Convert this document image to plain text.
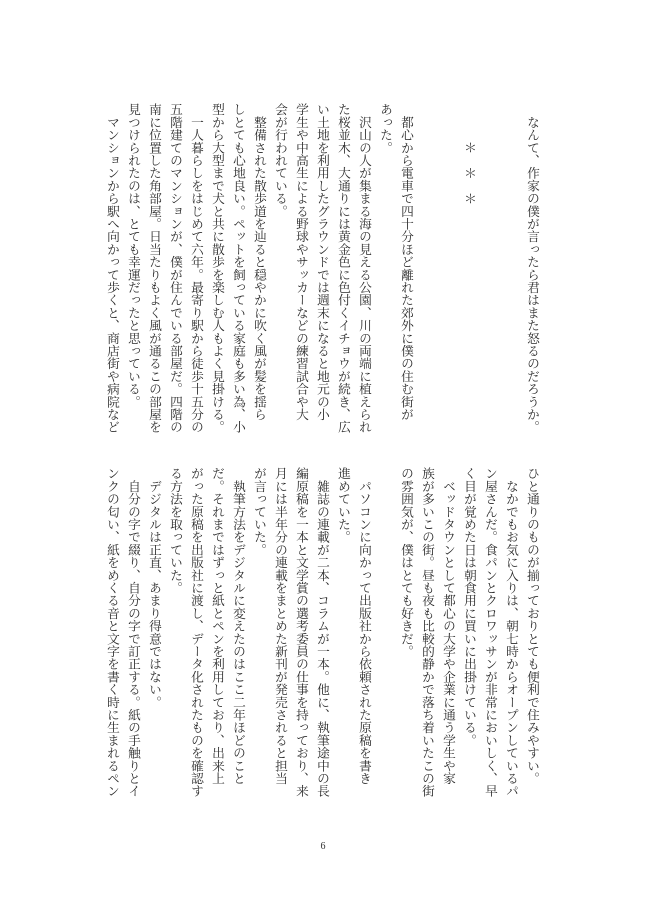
　なんて、作家の僕が言ったら君はまた怒るのだろうか。
　　　＊　＊　＊
　都心から電車で四十分ほど離れた郊外に僕の住む街が
あった。
　沢山の人が集まる海の見える公園、川の両端に植えられ
た桜並木、大通りには黄金色に色付くイチョウが続き、広
い土地を利用したグラウンドでは週末になると地元の小
学生や中高生による野球やサッカーなどの練習試合や大
会が行われている。
　整備された散歩道を辿ると穏やかに吹く風が髪を揺ら
しとても心地良い。ペットを飼っている家庭も多い為、小
型から大型まで犬と共に散歩を楽しむ人もよく見掛ける。
　一人暮らしをはじめて六年。最寄り駅から徒歩十五分の
五階建てのマンションが、僕が住んでいる部屋だ。四階の
南に位置した角部屋。日当たりもよく風が通るこの部屋を
見つけられたのは、とても幸運だったと思っている。
　マンションから駅へ向かって歩くと、商店街や病院など
ひと通りのものが揃っておりとても便利で住みやすい。
　なかでもお気に入りは、朝七時からオープンしているパ
ン屋さんだ。食パンとクロワッサンが非常においしく、早
く目が覚めた日は朝食用に買いに出掛けている。
　ベッドタウンとして都心の大学や企業に通う学生や家
族が多いこの街。昼も夜も比較的静かで落ち着いたこの街
の雰囲気が、僕はとても好きだ。
　パソコンに向かって出版社から依頼された原稿を書き
進めていた。
　雑誌の連載が二本、コラムが一本。他に、執筆途中の長
編原稿を一本と文学賞の選考委員の仕事を持っており、来
月には半年分の連載をまとめた新刊が発売されると担当
が言っていた。
　執筆方法をデジタルに変えたのはここ二年ほどのこと
だ。それまではずっと紙とペンを利用しており、出来上
がった原稿を出版社に渡し、データ化されたものを確認す
る方法を取っていた。
　デジタルは正直、あまり得意ではない。
　自分の字で綴り、自分の字で訂正する。紙の手触りとイ
ンクの匂い、紙をめくる音と文字を書く時に生まれるペン
6
